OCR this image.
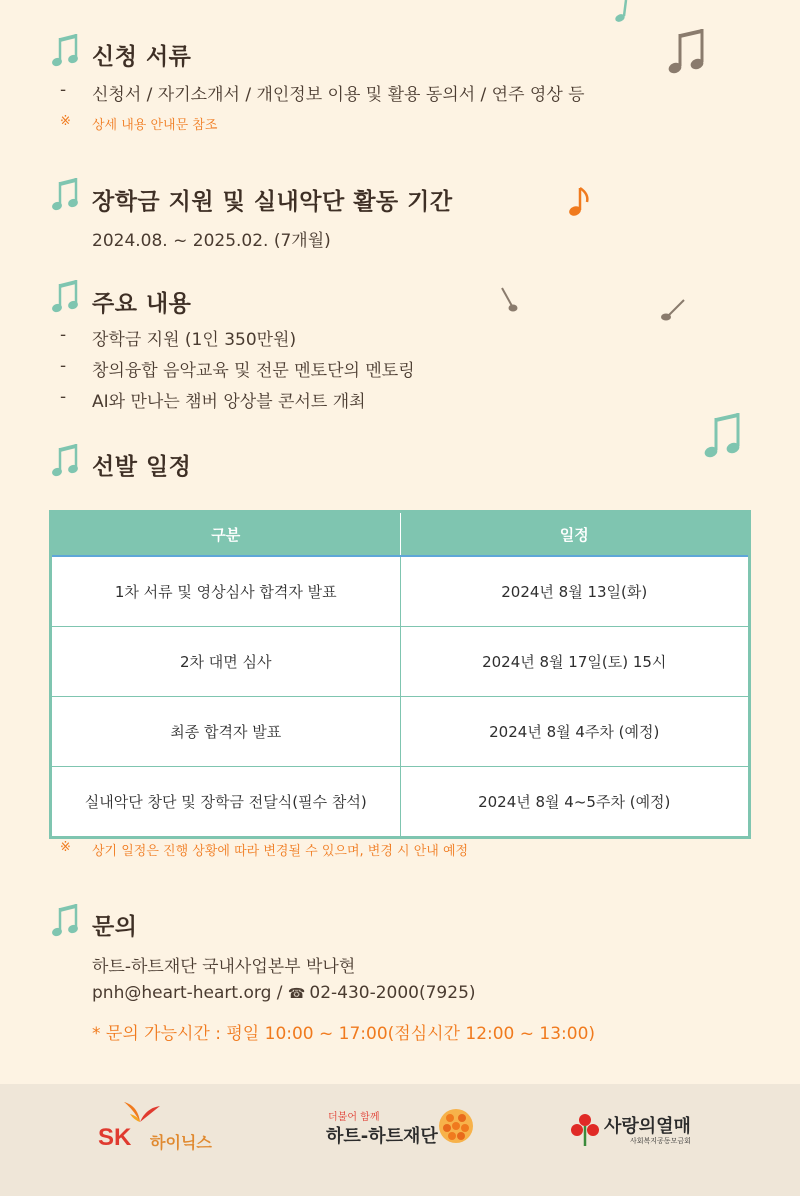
신청 서류
- 신청서 / 자기소개서 / 개인정보 이용 및 활용 동의서 / 연주 영상 등
※ 상세 내용 안내문 참조
장학금 지원 및 실내악단 활동 기간
2024.08. ~ 2025.02. (7개월)
주요 내용
- 장학금 지원 (1인 350만원)
- 창의융합 음악교육 및 전문 멘토단의 멘토링
- AI와 만나는 챔버 앙상블 콘서트 개최
선발 일정
구분	일정
1차 서류 및 영상심사 합격자 발표	2024년 8월 13일(화)
2차 대면 심사	2024년 8월 17일(토) 15시
최종 합격자 발표	2024년 8월 4주차 (예정)
실내악단 창단 및 장학금 전달식(필수 참석)	2024년 8월 4~5주차 (예정)
※ 상기 일정은 진행 상황에 따라 변경될 수 있으며, 변경 시 안내 예정
문의
하트-하트재단 국내사업본부 박나현
pnh@heart-heart.org / ☎ 02-430-2000(7925)
* 문의 가능시간 : 평일 10:00 ~ 17:00(점심시간 12:00 ~ 13:00)
SK 하이닉스
더불어 함께
하트-하트재단	사랑의열매
사회복지공동모금회
